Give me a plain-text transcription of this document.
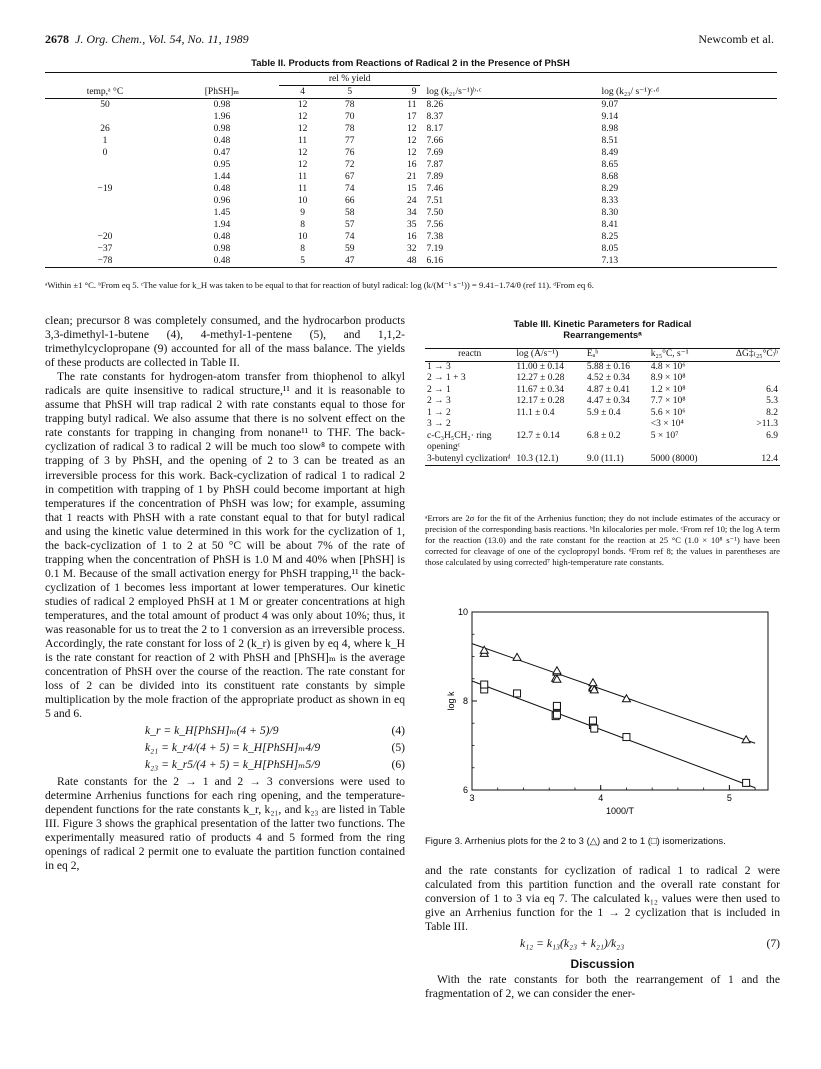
2678 J. Org. Chem., Vol. 54, No. 11, 1989	Newcomb et al.
Table II. Products from Reactions of Radical 2 in the Presence of PhSH
		rel % yield				
temp,ᵃ °C	[PhSH]ₘ	4	5	9	log (k₂₁/s⁻¹)ᵇ·ᶜ	log (k₂₃/ s⁻¹)ᶜ·ᵈ
50	0.98	12	78	11	8.26	9.07
	1.96	12	70	17	8.37	9.14
26	0.98	12	78	12	8.17	8.98
1	0.48	11	77	12	7.66	8.51
0	0.47	12	76	12	7.69	8.49
	0.95	12	72	16	7.87	8.65
	1.44	11	67	21	7.89	8.68
−19	0.48	11	74	15	7.46	8.29
	0.96	10	66	24	7.51	8.33
	1.45	9	58	34	7.50	8.30
	1.94	8	57	35	7.56	8.41
−20	0.48	10	74	16	7.38	8.25
−37	0.98	8	59	32	7.19	8.05
−78	0.48	5	47	48	6.16	7.13
ᵃWithin ±1 °C. ᵇFrom eq 5. ᶜThe value for k_H was taken to be equal to that for reaction of butyl radical: log (k/(M⁻¹ s⁻¹)) = 9.41−1.74/θ (ref 11). ᵈFrom eq 6.

clean; precursor 8 was completely consumed, and the hydrocarbon products 3,3-dimethyl-1-butene (4), 4-methyl-1-pentene (5), and 1,1,2-trimethylcyclopropane (9) accounted for all of the mass balance. The yields of these products are collected in Table II.

The rate constants for hydrogen-atom transfer from thiophenol to alkyl radicals are quite insensitive to radical structure,¹¹ and it is reasonable to assume that PhSH will trap radical 2 with rate constants equal to those for trapping butyl radical. We also assume that there is no solvent effect on the rate constants for trapping in changing from nonane¹¹ to THF. The back-cyclization of radical 3 to radical 2 will be much too slow⁸ to compete with trapping of 3 by PhSH, and the opening of 2 to 3 can be treated as an irreversible process for this work. Back-cyclization of radical 1 to radical 2 in competition with trapping of 1 by PhSH could become important at high temperatures if the concentration of PhSH was low; for example, assuming that 1 reacts with PhSH with a rate constant equal to that for butyl radical and using the kinetic value determined in this work for the cyclization of 1, the back-cyclization of 1 to 2 at 50 °C will be about 7% of the rate of trapping when the concentration of PhSH is 1.0 M and 40% when [PhSH] is 0.1 M. Because of the small activation energy for PhSH trapping,¹¹ the back-cyclization of 1 becomes less important at lower temperatures. Our kinetic studies of radical 2 employed PhSH at 1 M or greater concentrations at high temperatures, and the total amount of product 4 was only about 10%; thus, it was reasonable for us to treat the 2 to 1 conversion as an irreversible process. Accordingly, the rate constant for loss of 2 (k_r) is given by eq 4, where k_H is the rate constant for reaction of 2 with PhSH and [PhSH]ₘ is the average concentration of PhSH over the course of the reaction. The rate constant for loss of 2 can be divided into its constituent rate constants by simple multiplication by the mole fraction of the appropriate product as shown in eq 5 and 6.

k_r = k_H[PhSH]ₘ(4 + 5)/9	(4)
k₂₁ = k_r4/(4 + 5) = k_H[PhSH]ₘ4/9	(5)
k₂₃ = k_r5/(4 + 5) = k_H[PhSH]ₘ5/9	(6)

Rate constants for the 2 → 1 and 2 → 3 conversions were used to determine Arrhenius functions for each ring opening, and the temperature-dependent functions for the rate constants k_r, k₂₁, and k₂₃ are listed in Table III. Figure 3 shows the graphical presentation of the latter two functions. The experimentally measured ratio of products 4 and 5 formed from the ring openings of radical 2 permit one to evaluate the partition function contained in eq 2,

Table III. Kinetic Parameters for Radical
Rearrangementsᵃ
reactn	log (A/s⁻¹)	Eₐᵇ	k₂₅°C, s⁻¹	ΔG‡₍₂₅°C₎ᵇ
1 → 3	11.00 ± 0.14	5.88 ± 0.16	4.8 × 10⁶	
2 → 1 + 3	12.27 ± 0.28	4.52 ± 0.34	8.9 × 10⁸	
2 → 1	11.67 ± 0.34	4.87 ± 0.41	1.2 × 10⁸	6.4
2 → 3	12.17 ± 0.28	4.47 ± 0.34	7.7 × 10⁸	5.3
1 → 2	11.1 ± 0.4	5.9 ± 0.4	5.6 × 10⁶	8.2
3 → 2			<3 × 10⁴	>11.3
c-C₃H₅CH₂· ring openingᶜ	12.7 ± 0.14	6.8 ± 0.2	5 × 10⁷	6.9
3-butenyl cyclizationᵈ	10.3 (12.1)	9.0 (11.1)	5000 (8000)	12.4
ᵃErrors are 2σ for the fit of the Arrhenius function; they do not include estimates of the accuracy or precision of the corresponding basis reactions. ᵇIn kilocalories per mole. ᶜFrom ref 10; the log A term for the reaction (13.0) and the rate constant for the reaction at 25 °C (1.0 × 10⁸ s⁻¹) have been corrected for cleavage of one of the cyclopropyl bonds. ᵈFrom ref 8; the values in parentheses are those calculated by using corrected⁷ high-temperature rate constants.
3	4	5
6
8
10
1000/T
log k
Figure 3. Arrhenius plots for the 2 to 3 (△) and 2 to 1 (□) isomerizations.

and the rate constants for cyclization of radical 1 to radical 2 were calculated from this partition function and the overall rate constant for conversion of 1 to 3 via eq 7. The calculated k₁₂ values were then used to give an Arrhenius function for the 1 → 2 cyclization that is included in Table III.

k₁₂ = k₁₃(k₂₃ + k₂₁)/k₂₃	(7)
Discussion

With the rate constants for both the rearrangement of 1 and the fragmentation of 2, we can consider the ener-
